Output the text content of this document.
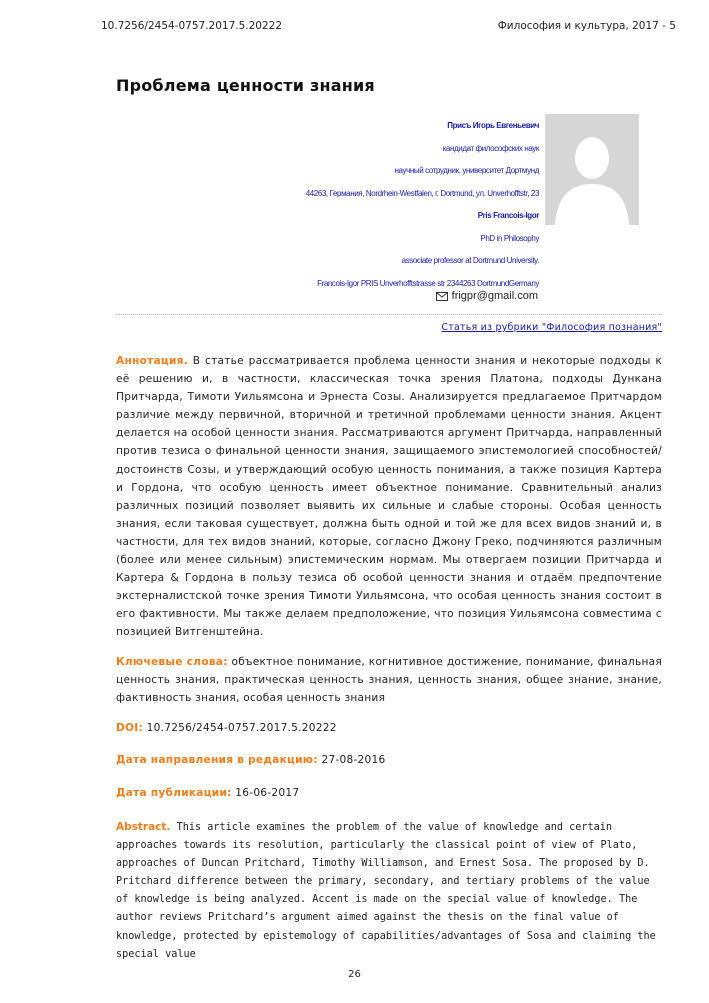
10.7256/2454-0757.2017.5.20222	Философия и культура, 2017 - 5
Проблема ценности знания
Присъ Игорь Евгеньевич
кандидат философских наук
научный сотрудник, университет Дортмунд
44263, Германия, Nordrhein-Westfalen, г. Dortmund, ул. Unverhofftstr, 23
Pris Francois-Igor
PhD in Philosophy
associate professor at Dortmund University.
Francois-Igor PRIS Unverhofftstrasse str 2344263 DortmundGermany
frigpr@gmail.com
Статья из рубрики "Философия познания"
Аннотация. В статье рассматривается проблема ценности знания и некоторые подходы к её решению и, в частности, классическая точка зрения Платона, подходы Дункана Притчарда, Тимоти Уильямсона и Эрнеста Созы. Анализируется предлагаемое Притчардом различие между первичной, вторичной и третичной проблемами ценности знания. Акцент делается на особой ценности знания. Рассматриваются аргумент Притчарда, направленный против тезиса о финальной ценности знания, защищаемого эпистемологией способностей/достоинств Созы, и утверждающий особую ценность понимания, а также позиция Картера и Гордона, что особую ценность имеет объектное понимание. Сравнительный анализ различных позиций позволяет выявить их сильные и слабые стороны. Особая ценность знания, если таковая существует, должна быть одной и той же для всех видов знаний и, в частности, для тех видов знаний, которые, согласно Джону Греко, подчиняются различным (более или менее сильным) эпистемическим нормам. Мы отвергаем позиции Притчарда и Картера & Гордона в пользу тезиса об особой ценности знания и отдаём предпочтение экстерналистской точке зрения Тимоти Уильямсона, что особая ценность знания состоит в его фактивности. Мы также делаем предположение, что позиция Уильямсона совместима с позицией Витгенштейна.
Ключевые слова: объектное понимание, когнитивное достижение, понимание, финальная ценность знания, практическая ценность знания, ценность знания, общее знание, знание, фактивность знания, особая ценность знания
DOI: 10.7256/2454-0757.2017.5.20222
Дата направления в редакцию: 27-08-2016
Дата публикации: 16-06-2017
Abstract. This article examines the problem of the value of knowledge and certain approaches towards its resolution, particularly the classical point of view of Plato, approaches of Duncan Pritchard, Timothy Williamson, and Ernest Sosa. The proposed by D. Pritchard difference between the primary, secondary, and tertiary problems of the value of knowledge is being analyzed. Accent is made on the special value of knowledge. The author reviews Pritchard’s argument aimed against the thesis on the final value of knowledge, protected by epistemology of capabilities/advantages of Sosa and claiming the special value
26
